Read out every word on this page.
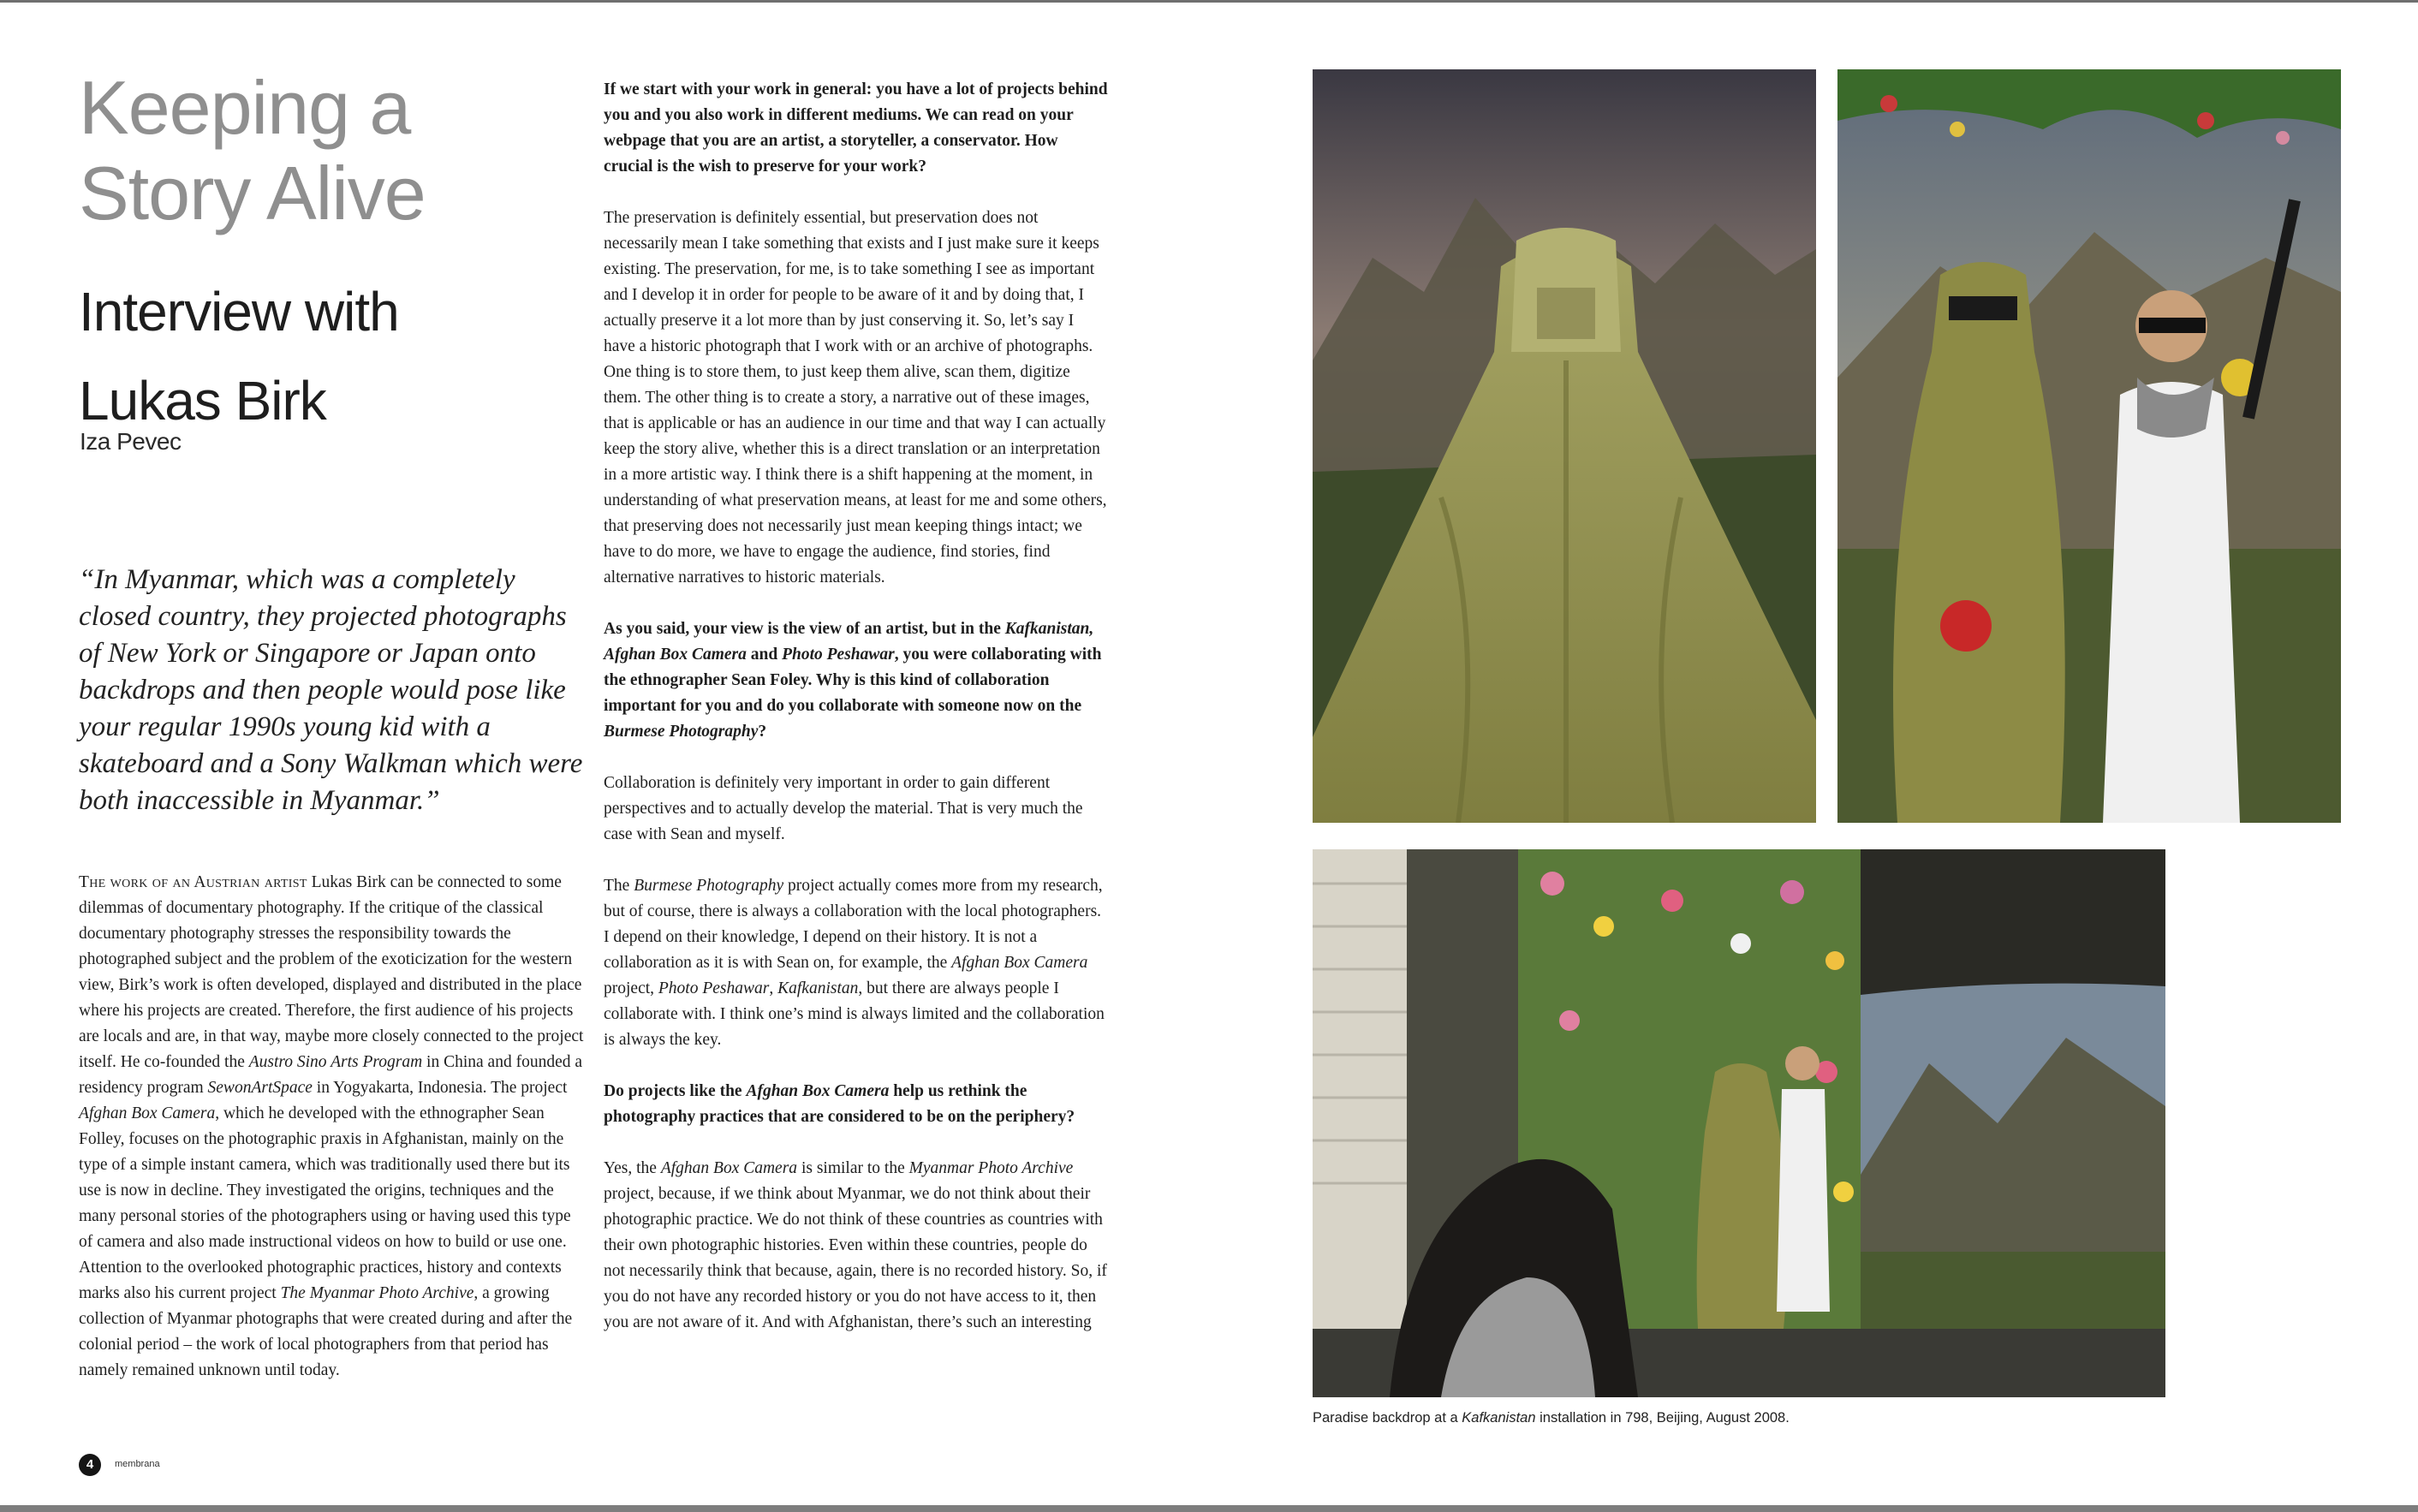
Keeping a
Story Alive
Interview with
Lukas Birk
Iza Pevec

“In Myanmar, which was a completely closed country, they projected photographs of New York or Singapore or Japan onto backdrops and then people would pose like your regular 1990s young kid with a skateboard and a Sony Walkman which were both inaccessible in Myanmar.”

The work of an Austrian artist Lukas Birk can be connected to some dilemmas of documentary photography. If the critique of the classical documentary photography stresses the responsibility towards the photographed subject and the problem of the exoticization for the western view, Birk’s work is often developed, displayed and distributed in the place where his projects are created. Therefore, the first audience of his projects are locals and are, in that way, maybe more closely connected to the project itself. He co-founded the Austro Sino Arts Program in China and founded a residency program SewonArtSpace in Yogyakarta, Indonesia. The project Afghan Box Camera, which he developed with the ethnographer Sean Folley, focuses on the photographic praxis in Afghanistan, mainly on the type of a simple instant camera, which was traditionally used there but its use is now in decline. They investigated the origins, techniques and the many personal stories of the photographers using or having used this type of camera and also made instructional videos on how to build or use one. Attention to the overlooked photographic practices, history and contexts marks also his current project The Myanmar Photo Archive, a growing collection of Myanmar photographs that were created during and after the colonial period – the work of local photographers from that period has namely remained unknown until today.

If we start with your work in general: you have a lot of projects behind you and you also work in different mediums. We can read on your webpage that you are an artist, a storyteller, a conservator. How crucial is the wish to preserve for your work?

The preservation is definitely essential, but preservation does not necessarily mean I take something that exists and I just make sure it keeps existing. The preservation, for me, is to take something I see as important and I develop it in order for people to be aware of it and by doing that, I actually preserve it a lot more than by just conserving it. So, let’s say I have a historic photograph that I work with or an archive of photographs. One thing is to store them, to just keep them alive, scan them, digitize them. The other thing is to create a story, a narrative out of these images, that is applicable or has an audience in our time and that way I can actually keep the story alive, whether this is a direct translation or an interpretation in a more artistic way. I think there is a shift happening at the moment, in understanding of what preservation means, at least for me and some others, that preserving does not necessarily just mean keeping things intact; we have to do more, we have to engage the audience, find stories, find alternative narratives to historic materials.

As you said, your view is the view of an artist, but in the Kafkanistan, Afghan Box Camera and Photo Peshawar, you were collaborating with the ethnographer Sean Foley. Why is this kind of collaboration important for you and do you collaborate with someone now on the Burmese Photography?

Collaboration is definitely very important in order to gain different perspectives and to actually develop the material. That is very much the case with Sean and myself.

The Burmese Photography project actually comes more from my research, but of course, there is always a collaboration with the local photographers. I depend on their knowledge, I depend on their history. It is not a collaboration as it is with Sean on, for example, the Afghan Box Camera project, Photo Peshawar, Kafkanistan, but there are always people I collaborate with. I think one’s mind is always limited and the collaboration is always the key.

Do projects like the Afghan Box Camera help us rethink the photography practices that are considered to be on the periphery?

Yes, the Afghan Box Camera is similar to the Myanmar Photo Archive project, because, if we think about Myanmar, we do not think about their photographic practice. We do not think of these countries as countries with their own photographic histories. Even within these countries, people do not necessarily think that because, again, there is no recorded history. So, if you do not have any recorded history or you do not have access to it, then you are not aware of it. And with Afghanistan, there’s such an interesting

Paradise backdrop at a Kafkanistan installation in 798, Beijing, August 2008.
4	membrana
